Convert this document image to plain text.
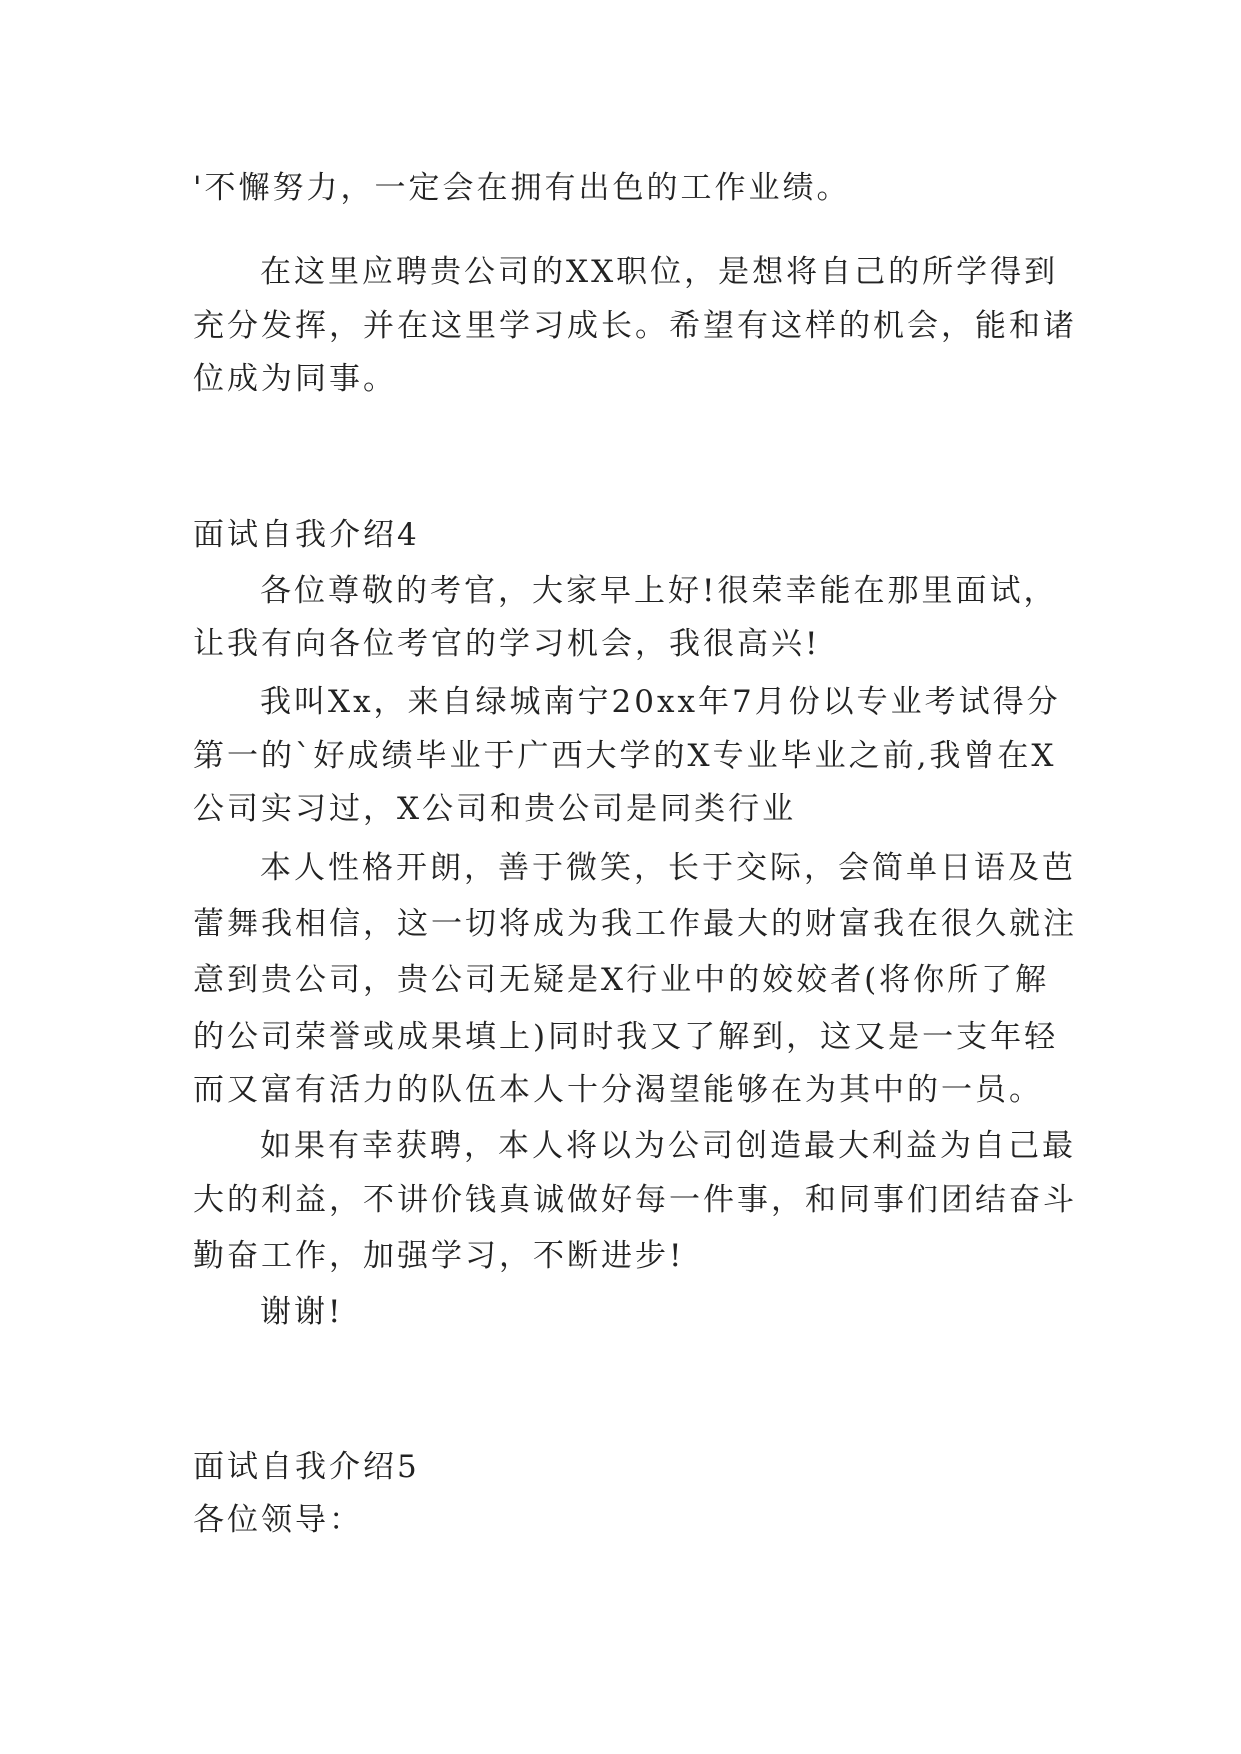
'不懈努力，一定会在拥有出色的工作业绩。
在这里应聘贵公司的XX职位，是想将自己的所学得到
充分发挥，并在这里学习成长。希望有这样的机会，能和诸
位成为同事。
面试自我介绍4
各位尊敬的考官，大家早上好!很荣幸能在那里面试，
让我有向各位考官的学习机会，我很高兴!
我叫Xx，来自绿城南宁20xx年7月份以专业考试得分
第一的`好成绩毕业于广西大学的X专业毕业之前,我曾在X
公司实习过，X公司和贵公司是同类行业
本人性格开朗，善于微笑，长于交际，会简单日语及芭
蕾舞我相信，这一切将成为我工作最大的财富我在很久就注
意到贵公司，贵公司无疑是X行业中的姣姣者(将你所了解
的公司荣誉或成果填上)同时我又了解到，这又是一支年轻
而又富有活力的队伍本人十分渴望能够在为其中的一员。
如果有幸获聘，本人将以为公司创造最大利益为自己最
大的利益，不讲价钱真诚做好每一件事，和同事们团结奋斗
勤奋工作，加强学习，不断进步!
谢谢!
面试自我介绍5
各位领导：
